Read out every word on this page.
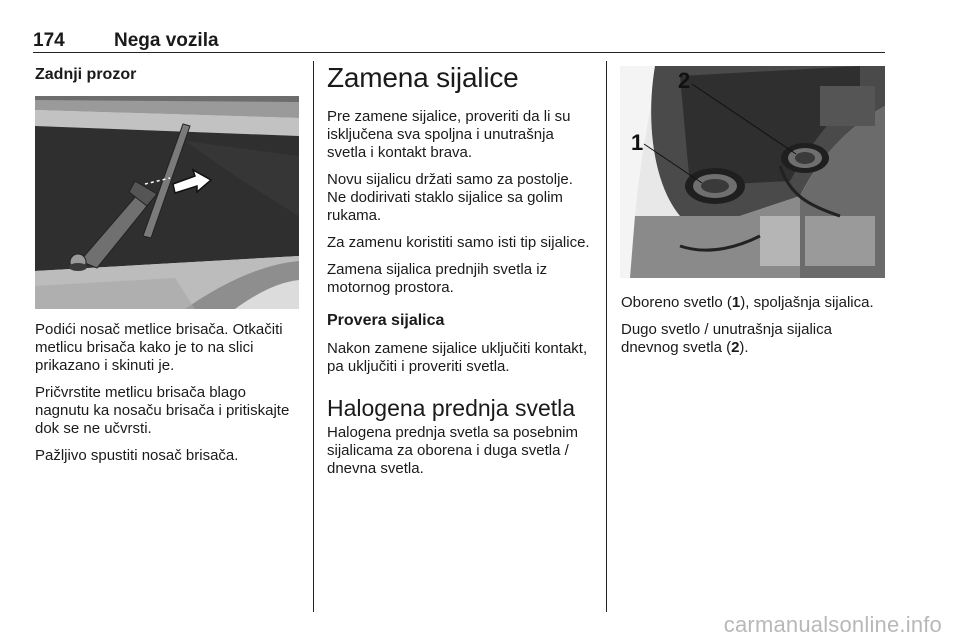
174	Nega vozila
Zadnji prozor

Podići nosač metlice brisača. Otkačiti metlicu brisača kako je to na slici prikazano i skinuti je.

Pričvrstite metlicu brisača blago nagnutu ka nosaču brisača i pritiskajte dok se ne učvrsti.

Pažljivo spustiti nosač brisača.

Zamena sijalice

Pre zamene sijalice, proveriti da li su isključena sva spoljna i unutrašnja svetla i kontakt brava.

Novu sijalicu držati samo za postolje. Ne dodirivati staklo sijalice sa golim rukama.

Za zamenu koristiti samo isti tip sijalice.

Zamena sijalica prednjih svetla iz motornog prostora.

Provera sijalica

Nakon zamene sijalice uključiti kontakt, pa uključiti i proveriti svetla.

Halogena prednja svetla

Halogena prednja svetla sa posebnim sijalicama za oborena i duga svetla / dnevna svetla.

1
2

Oboreno svetlo (1), spoljašnja sijalica.

Dugo svetlo / unutrašnja sijalica dnevnog svetla (2).

carmanualsonline.info
